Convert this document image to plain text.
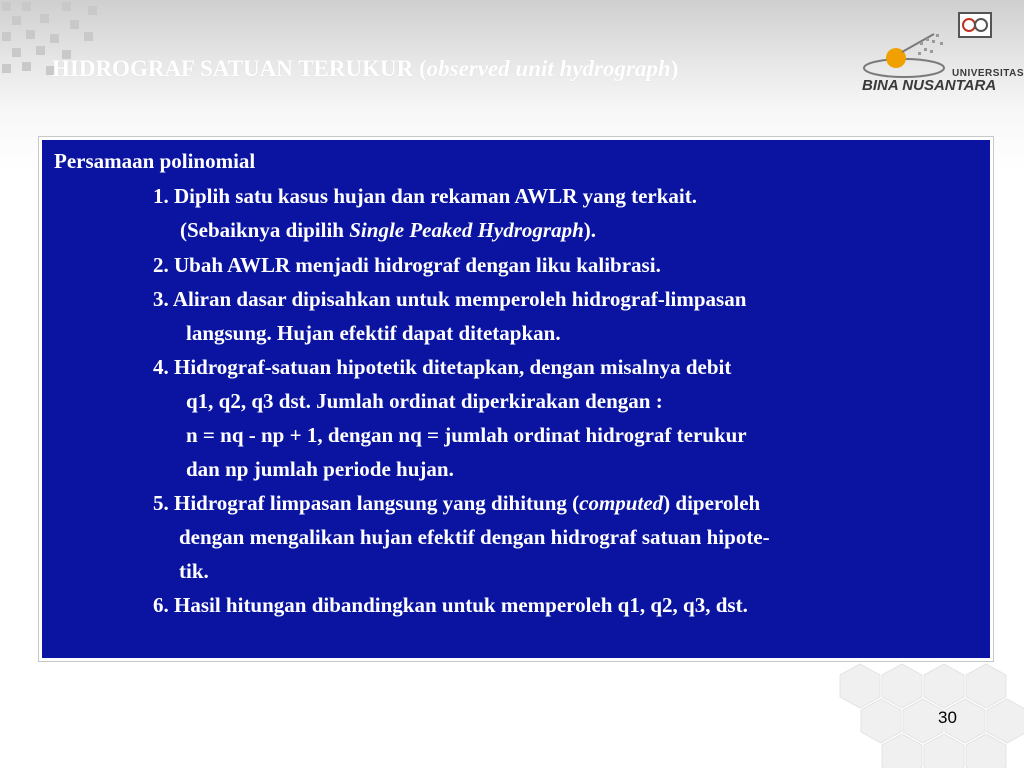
HIDROGRAF SATUAN TERUKUR (observed unit hydrograph)	UNIVERSITAS
BINA NUSANTARA
Persamaan polinomial
1. Diplih satu kasus hujan dan rekaman AWLR yang terkait.
(Sebaiknya dipilih Single Peaked Hydrograph).
2. Ubah AWLR menjadi hidrograf dengan liku kalibrasi.
3. Aliran dasar dipisahkan untuk memperoleh hidrograf-limpasan
langsung. Hujan efektif dapat ditetapkan.
4. Hidrograf-satuan hipotetik ditetapkan, dengan misalnya debit
q1, q2, q3 dst. Jumlah ordinat diperkirakan dengan :
n = nq - np + 1, dengan nq = jumlah ordinat hidrograf terukur
dan np jumlah periode hujan.
5. Hidrograf limpasan langsung yang dihitung (computed) diperoleh
dengan mengalikan hujan efektif dengan hidrograf satuan hipote-
tik.
6. Hasil hitungan dibandingkan untuk memperoleh q1, q2, q3, dst.
30
